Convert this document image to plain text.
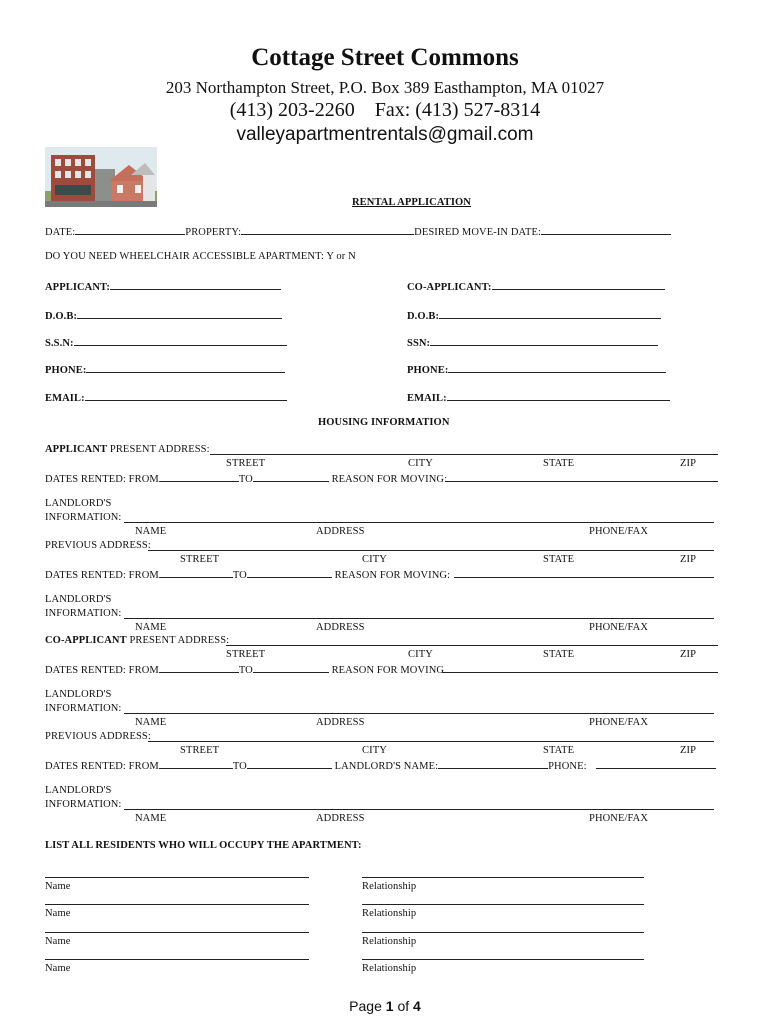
Cottage Street Commons
203 Northampton Street, P.O. Box 389 Easthampton, MA 01027
(413) 203-2260    Fax: (413) 527-8314
valleyapartmentrentals@gmail.com
RENTAL APPLICATION
DATE:	PROPERTY:	DESIRED MOVE-IN DATE:
DO YOU NEED WHEELCHAIR ACCESSIBLE APARTMENT: Y or N
APPLICANT:	CO-APPLICANT:
D.O.B:	D.O.B:
S.S.N:	SSN:
PHONE:	PHONE:
EMAIL:	EMAIL:
HOUSING INFORMATION
APPLICANT PRESENT ADDRESS:
STREET	CITY	STATE	ZIP
DATES RENTED: FROM	TO	REASON FOR MOVING:
LANDLORD'S
INFORMATION:
NAME	ADDRESS	PHONE/FAX
PREVIOUS ADDRESS:
STREET	CITY	STATE	ZIP
DATES RENTED: FROM	TO	REASON FOR MOVING:
LANDLORD'S
INFORMATION:
NAME	ADDRESS	PHONE/FAX
CO-APPLICANT PRESENT ADDRESS:
STREET	CITY	STATE	ZIP
DATES RENTED: FROM	TO	REASON FOR MOVING
LANDLORD'S
INFORMATION:
NAME	ADDRESS	PHONE/FAX
PREVIOUS ADDRESS:
STREET	CITY	STATE	ZIP
DATES RENTED: FROM	TO	LANDLORD'S NAME:	PHONE:
LANDLORD'S
INFORMATION:
NAME	ADDRESS	PHONE/FAX
LIST ALL RESIDENTS WHO WILL OCCUPY THE APARTMENT:
Name	Relationship
Name	Relationship
Name	Relationship
Name	Relationship
Page 1 of 4
